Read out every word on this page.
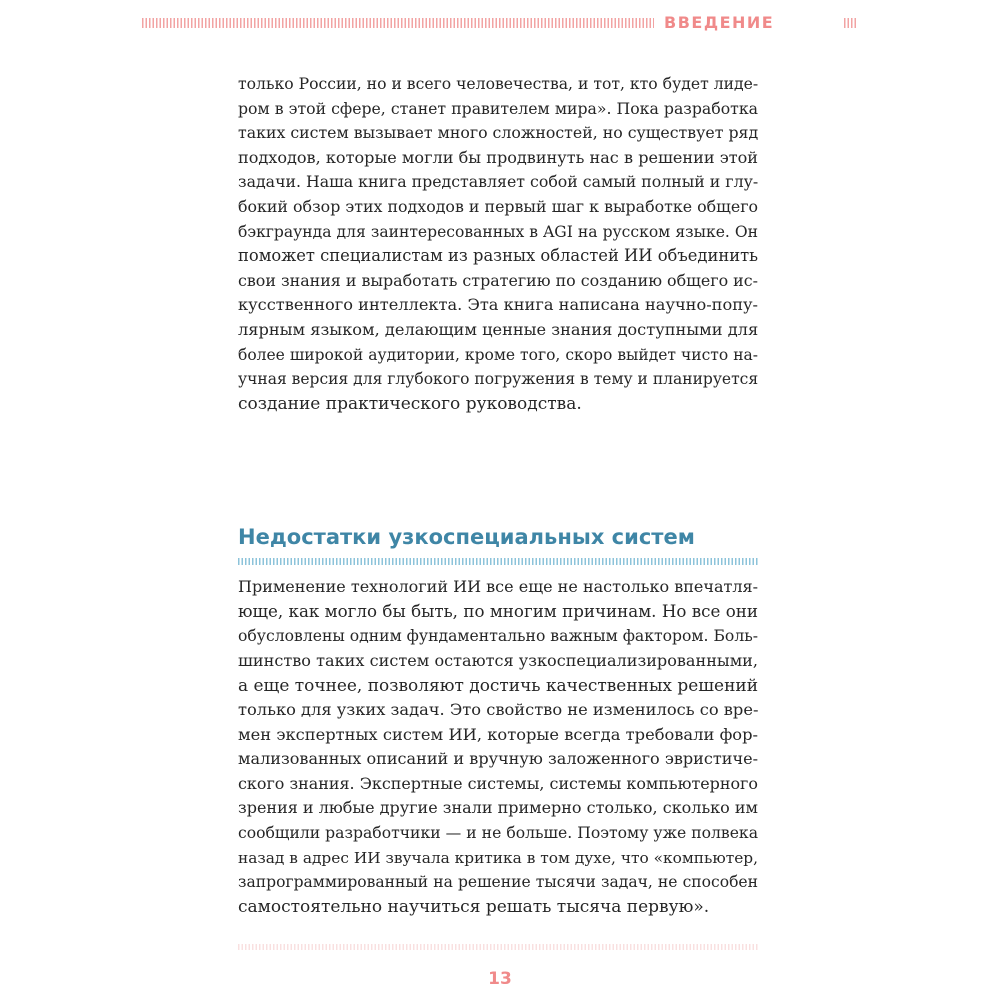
ВВЕДЕНИЕ

только России, но и всего человечества, и тот, кто будет лиде-
ром в этой сфере, станет правителем мира». Пока разработка
таких систем вызывает много сложностей, но существует ряд
подходов, которые могли бы продвинуть нас в решении этой
задачи. Наша книга представляет собой самый полный и глу-
бокий обзор этих подходов и первый шаг к выработке общего
бэкграунда для заинтересованных в AGI на русском языке. Он
поможет специалистам из разных областей ИИ объединить
свои знания и выработать стратегию по созданию общего ис-
кусственного интеллекта. Эта книга написана научно-попу-
лярным языком, делающим ценные знания доступными для
более широкой аудитории, кроме того, скоро выйдет чисто на-
учная версия для глубокого погружения в тему и планируется
создание практического руководства.

Недостатки узкоспециальных систем

Применение технологий ИИ все еще не настолько впечатля-
юще, как могло бы быть, по многим причинам. Но все они
обусловлены одним фундаментально важным фактором. Боль-
шинство таких систем остаются узкоспециализированными,
а еще точнее, позволяют достичь качественных решений
только для узких задач. Это свойство не изменилось со вре-
мен экспертных систем ИИ, которые всегда требовали фор-
мализованных описаний и вручную заложенного эвристиче-
ского знания. Экспертные системы, системы компьютерного
зрения и любые другие знали примерно столько, сколько им
сообщили разработчики — и не больше. Поэтому уже полвека
назад в адрес ИИ звучала критика в том духе, что «компьютер,
запрограммированный на решение тысячи задач, не способен
самостоятельно научиться решать тысяча первую».

13
